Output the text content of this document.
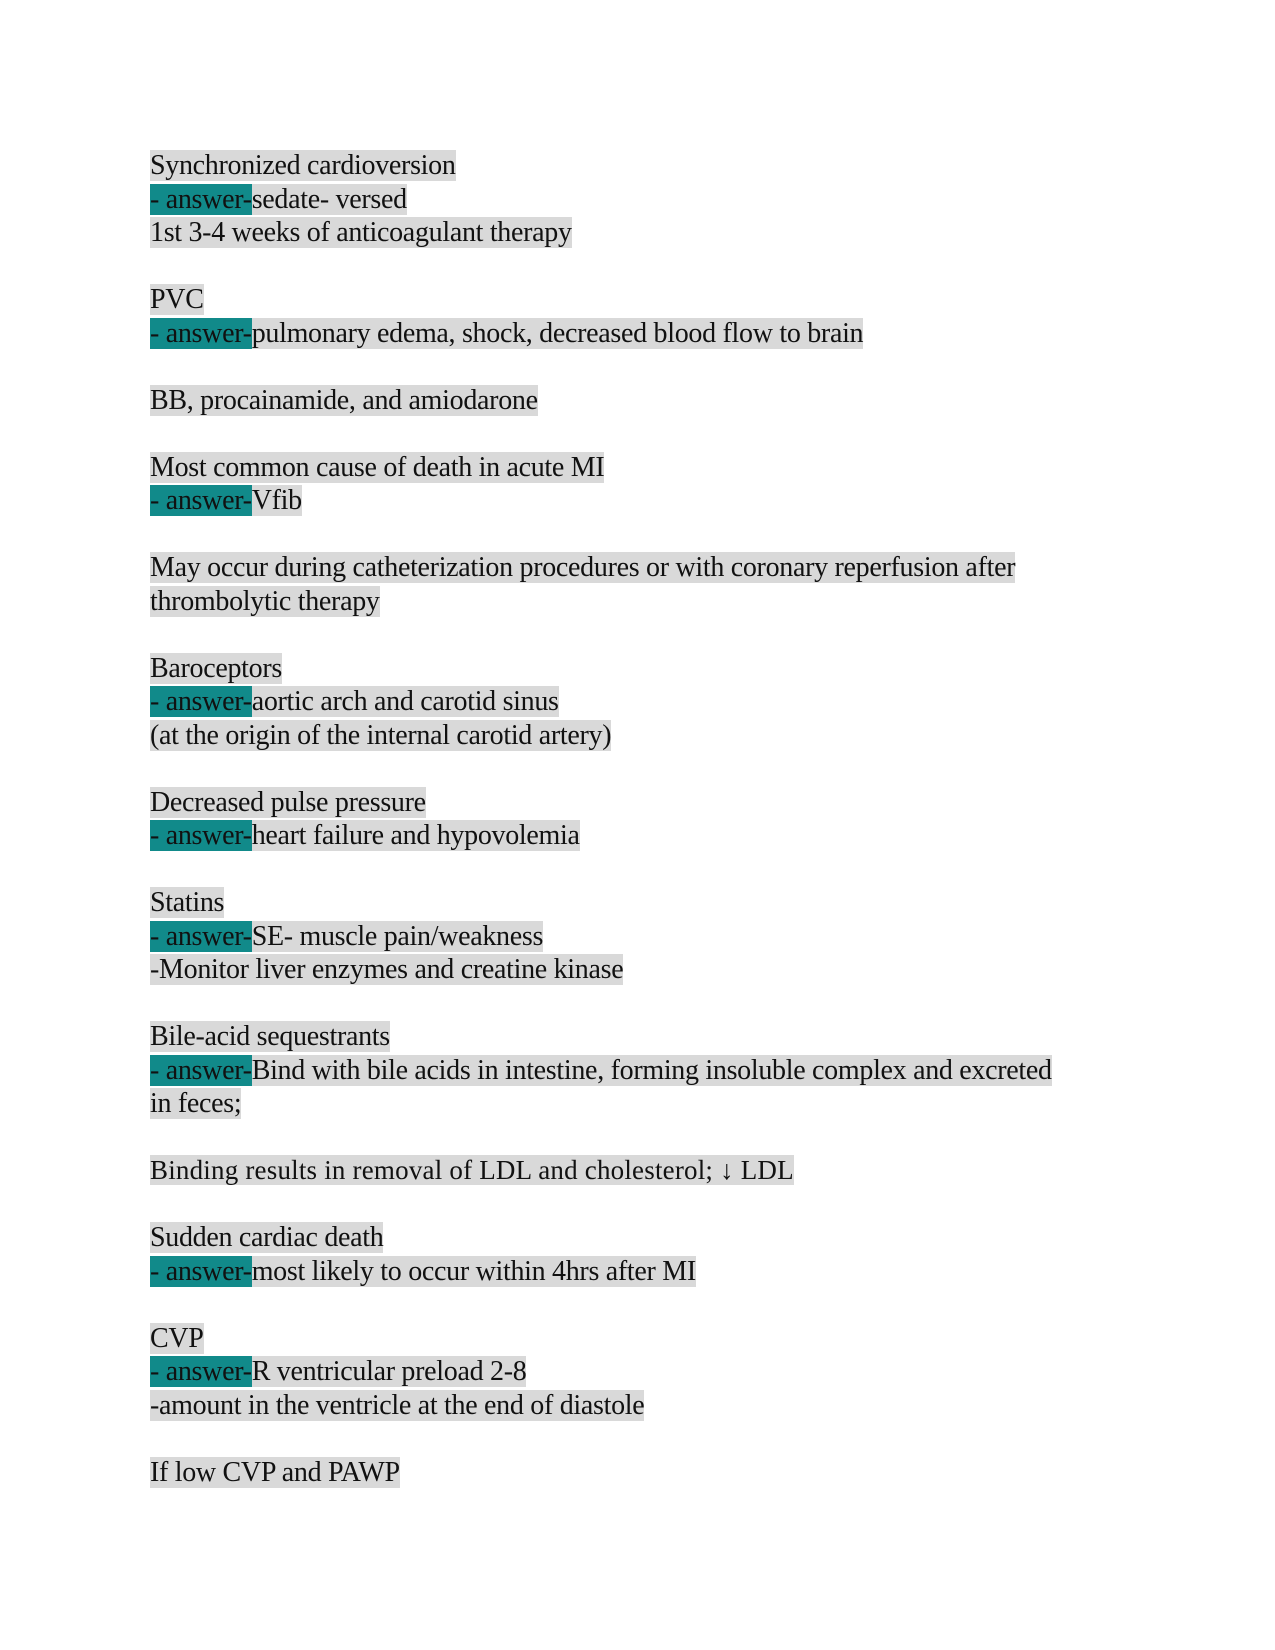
Synchronized cardioversion
- answer-sedate- versed
1st 3-4 weeks of anticoagulant therapy
PVC
- answer-pulmonary edema, shock, decreased blood flow to brain
BB, procainamide, and amiodarone
Most common cause of death in acute MI
- answer-Vfib
May occur during catheterization procedures or with coronary reperfusion after
thrombolytic therapy
Baroceptors
- answer-aortic arch and carotid sinus
(at the origin of the internal carotid artery)
Decreased pulse pressure
- answer-heart failure and hypovolemia
Statins
- answer-SE- muscle pain/weakness
-Monitor liver enzymes and creatine kinase
Bile-acid sequestrants
- answer-Bind with bile acids in intestine, forming insoluble complex and excreted
in feces;
Binding results in removal of LDL and cholesterol; ↓ LDL
Sudden cardiac death
- answer-most likely to occur within 4hrs after MI
CVP
- answer-R ventricular preload 2-8
-amount in the ventricle at the end of diastole
If low CVP and PAWP
